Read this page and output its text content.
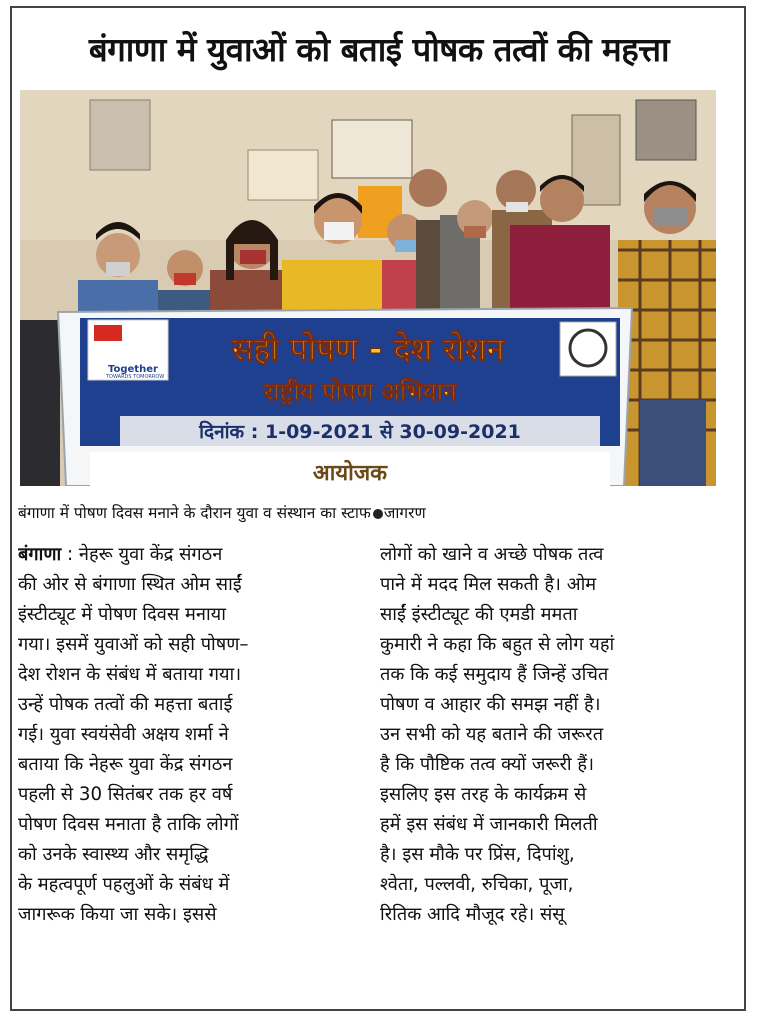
बंगाणा में युवाओं को बताई पोषक तत्वों की महत्ता
Together
TOWARDS TOMORROW
सही पोषण - देश रोशन
राष्ट्रीय पोषण अभियान
दिनांक : 1-09-2021 से 30-09-2021
आयोजक
बंगाणा में पोषण दिवस मनाने के दौरान युवा व संस्थान का स्टाफ जागरण
बंगाणा : नेहरू युवा केंद्र संगठन
की ओर से बंगाणा स्थित ओम साईं
इंस्टीट्यूट में पोषण दिवस मनाया
गया। इसमें युवाओं को सही पोषण–
देश रोशन के संबंध में बताया गया।
उन्हें पोषक तत्वों की महत्ता बताई
गई। युवा स्वयंसेवी अक्षय शर्मा ने
बताया कि नेहरू युवा केंद्र संगठन
पहली से 30 सितंबर तक हर वर्ष
पोषण दिवस मनाता है ताकि लोगों
को उनके स्वास्थ्य और समृद्धि
के महत्वपूर्ण पहलुओं के संबंध में
जागरूक किया जा सके। इससे
लोगों को खाने व अच्छे पोषक तत्व
पाने में मदद मिल सकती है। ओम
साईं इंस्टीट्यूट की एमडी ममता
कुमारी ने कहा कि बहुत से लोग यहां
तक कि कई समुदाय हैं जिन्हें उचित
पोषण व आहार की समझ नहीं है।
उन सभी को यह बताने की जरूरत
है कि पौष्टिक तत्व क्यों जरूरी हैं।
इसलिए इस तरह के कार्यक्रम से
हमें इस संबंध में जानकारी मिलती
है। इस मौके पर प्रिंस, दिपांशु,
श्वेता, पल्लवी, रुचिका, पूजा,
रितिक आदि मौजूद रहे। संसू
